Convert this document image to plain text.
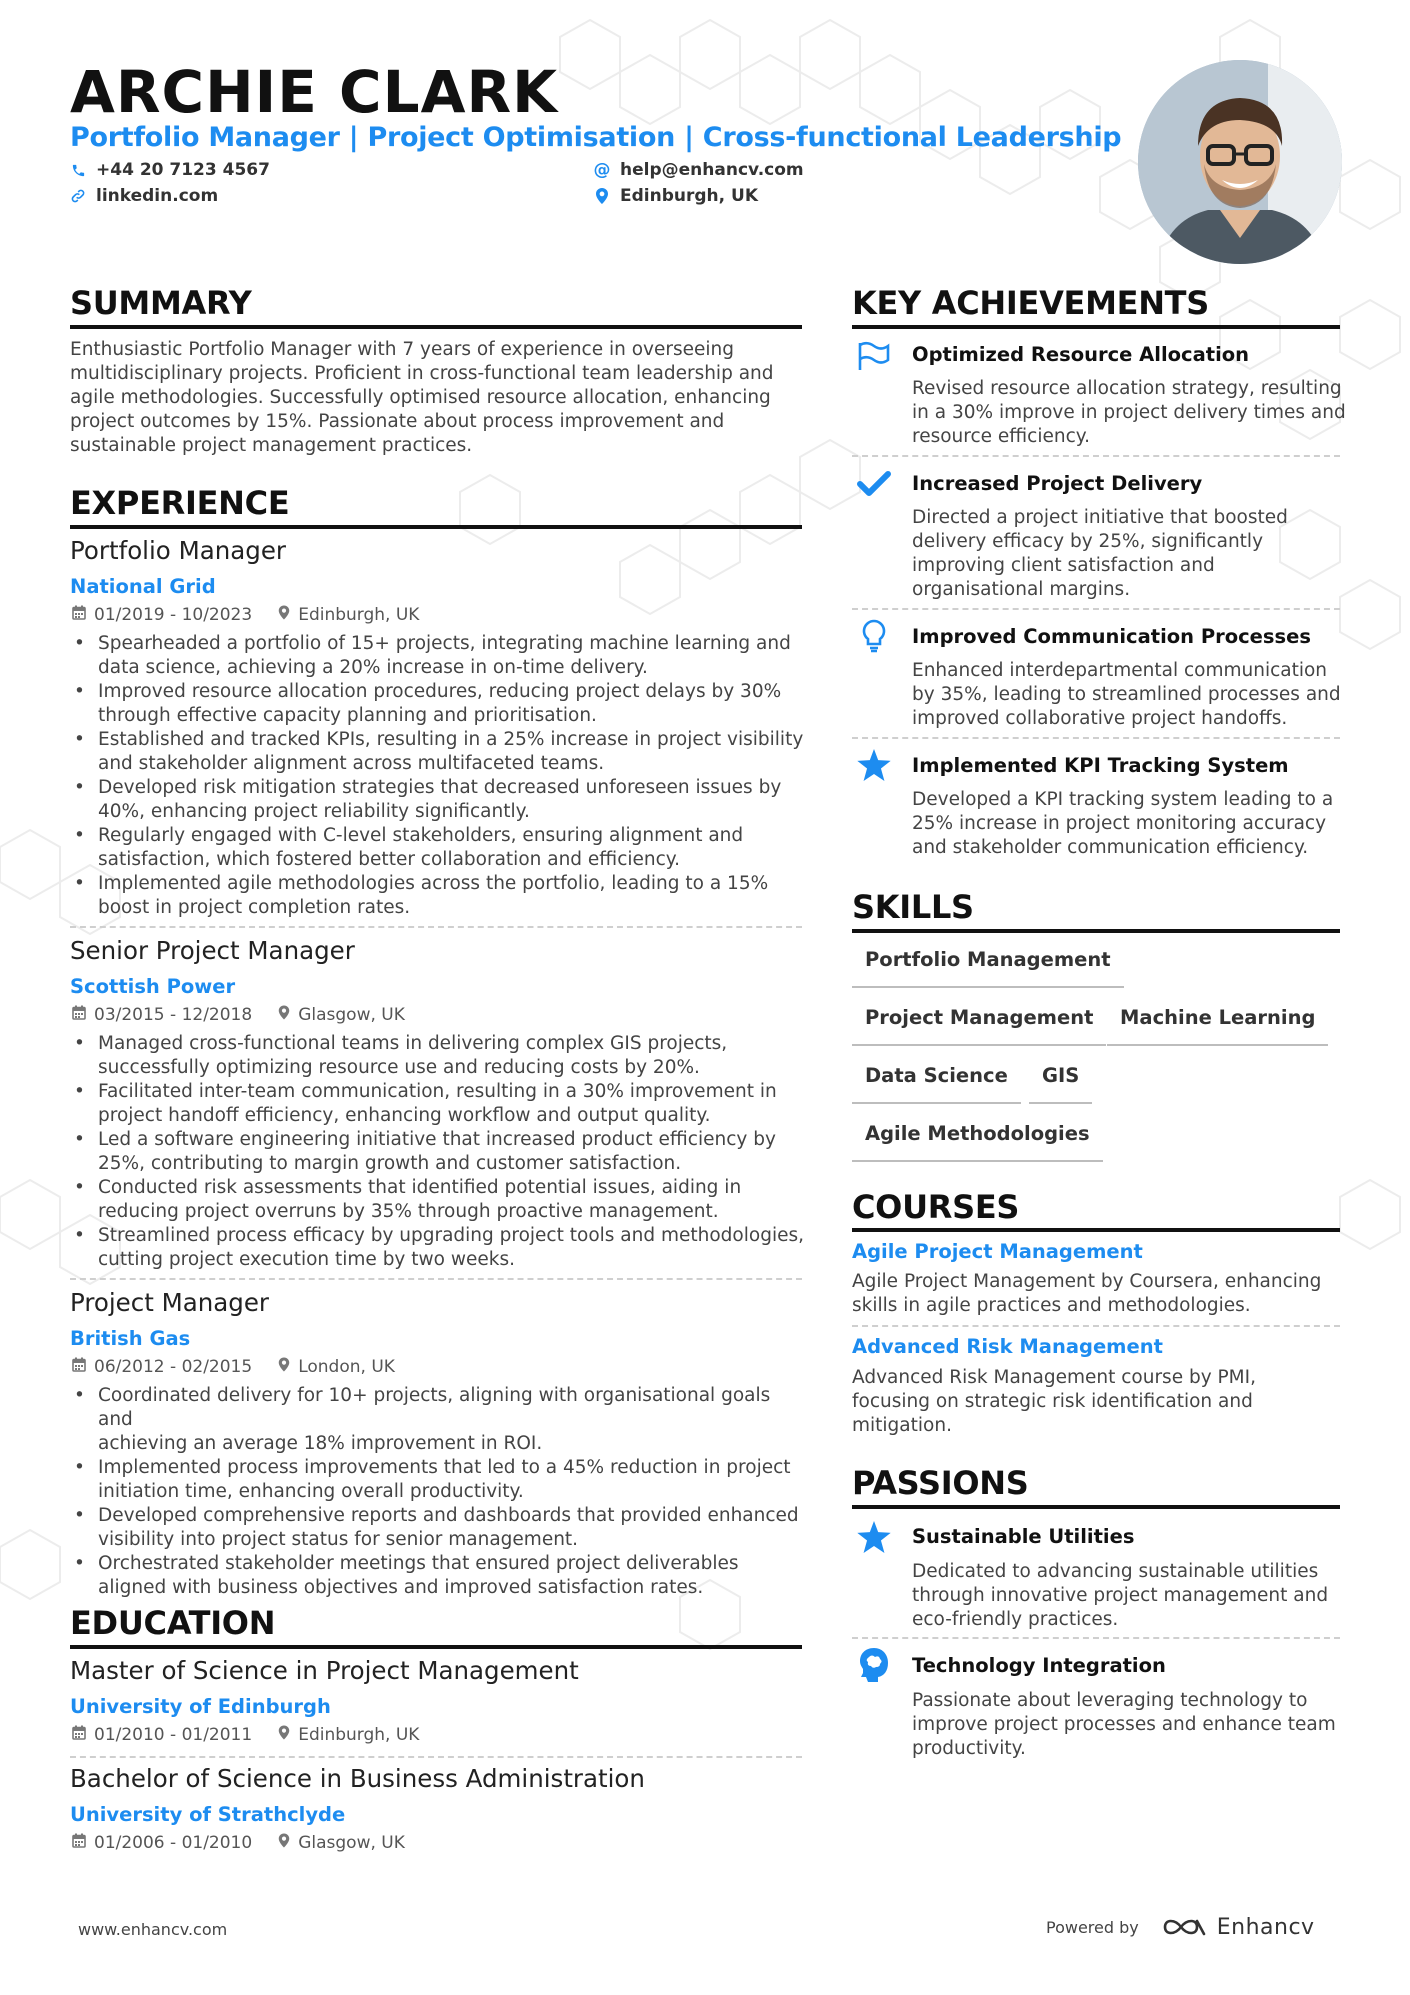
ARCHIE CLARK
Portfolio Manager | Project Optimisation | Cross-functional Leadership
+44 20 7123 4567
linkedin.com
@ help@enhancv.com
Edinburgh, UK
SUMMARY
Enthusiastic Portfolio Manager with 7 years of experience in overseeing
multidisciplinary projects. Proficient in cross-functional team leadership and
agile methodologies. Successfully optimised resource allocation, enhancing
project outcomes by 15%. Passionate about process improvement and
sustainable project management practices.
EXPERIENCE
Portfolio Manager
National Grid
01/2019 - 10/2023	Edinburgh, UK
• Spearheaded a portfolio of 15+ projects, integrating machine learning and
data science, achieving a 20% increase in on-time delivery.
• Improved resource allocation procedures, reducing project delays by 30%
through effective capacity planning and prioritisation.
• Established and tracked KPIs, resulting in a 25% increase in project visibility
and stakeholder alignment across multifaceted teams.
• Developed risk mitigation strategies that decreased unforeseen issues by
40%, enhancing project reliability significantly.
• Regularly engaged with C-level stakeholders, ensuring alignment and
satisfaction, which fostered better collaboration and efficiency.
• Implemented agile methodologies across the portfolio, leading to a 15%
boost in project completion rates.
Senior Project Manager
Scottish Power
03/2015 - 12/2018	Glasgow, UK
• Managed cross-functional teams in delivering complex GIS projects,
successfully optimizing resource use and reducing costs by 20%.
• Facilitated inter-team communication, resulting in a 30% improvement in
project handoff efficiency, enhancing workflow and output quality.
• Led a software engineering initiative that increased product efficiency by
25%, contributing to margin growth and customer satisfaction.
• Conducted risk assessments that identified potential issues, aiding in
reducing project overruns by 35% through proactive management.
• Streamlined process efficacy by upgrading project tools and methodologies,
cutting project execution time by two weeks.
Project Manager
British Gas
06/2012 - 02/2015	London, UK
• Coordinated delivery for 10+ projects, aligning with organisational goals and
achieving an average 18% improvement in ROI.
• Implemented process improvements that led to a 45% reduction in project
initiation time, enhancing overall productivity.
• Developed comprehensive reports and dashboards that provided enhanced
visibility into project status for senior management.
• Orchestrated stakeholder meetings that ensured project deliverables
aligned with business objectives and improved satisfaction rates.
EDUCATION
Master of Science in Project Management
University of Edinburgh
01/2010 - 01/2011	Edinburgh, UK
Bachelor of Science in Business Administration
University of Strathclyde
01/2006 - 01/2010	Glasgow, UK
KEY ACHIEVEMENTS
Optimized Resource Allocation
Revised resource allocation strategy, resulting
in a 30% improve in project delivery times and
resource efficiency.
Increased Project Delivery
Directed a project initiative that boosted
delivery efficacy by 25%, significantly
improving client satisfaction and
organisational margins.
Improved Communication Processes
Enhanced interdepartmental communication
by 35%, leading to streamlined processes and
improved collaborative project handoffs.
Implemented KPI Tracking System
Developed a KPI tracking system leading to a
25% increase in project monitoring accuracy
and stakeholder communication efficiency.
SKILLS
Portfolio Management
Project Management	Machine Learning
Data Science	GIS
Agile Methodologies
COURSES
Agile Project Management
Agile Project Management by Coursera, enhancing
skills in agile practices and methodologies.
Advanced Risk Management
Advanced Risk Management course by PMI,
focusing on strategic risk identification and
mitigation.
PASSIONS
Sustainable Utilities
Dedicated to advancing sustainable utilities
through innovative project management and
eco-friendly practices.
Technology Integration
Passionate about leveraging technology to
improve project processes and enhance team
productivity.
www.enhancv.com	Powered by	Enhancv
